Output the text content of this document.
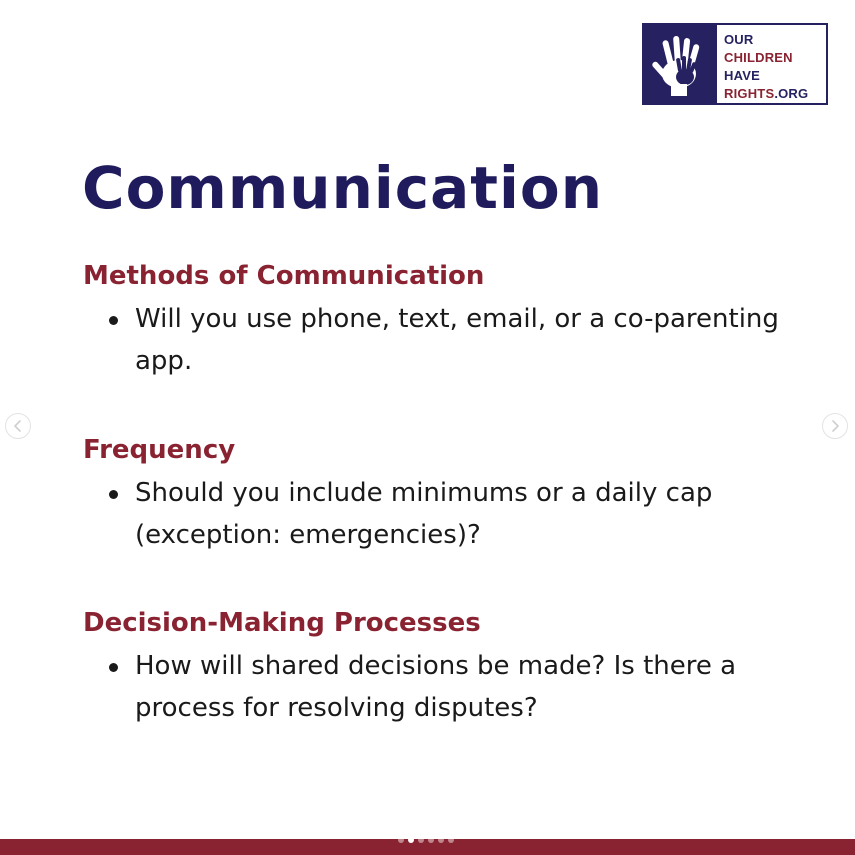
OUR
CHILDREN
HAVE
RIGHTS.ORG
Communication
Methods of Communication
Will you use phone, text, email, or a co-parenting app.
Frequency
Should you include minimums or a daily cap (exception: emergencies)?
Decision-Making Processes
How will shared decisions be made? Is there a process for resolving disputes?
